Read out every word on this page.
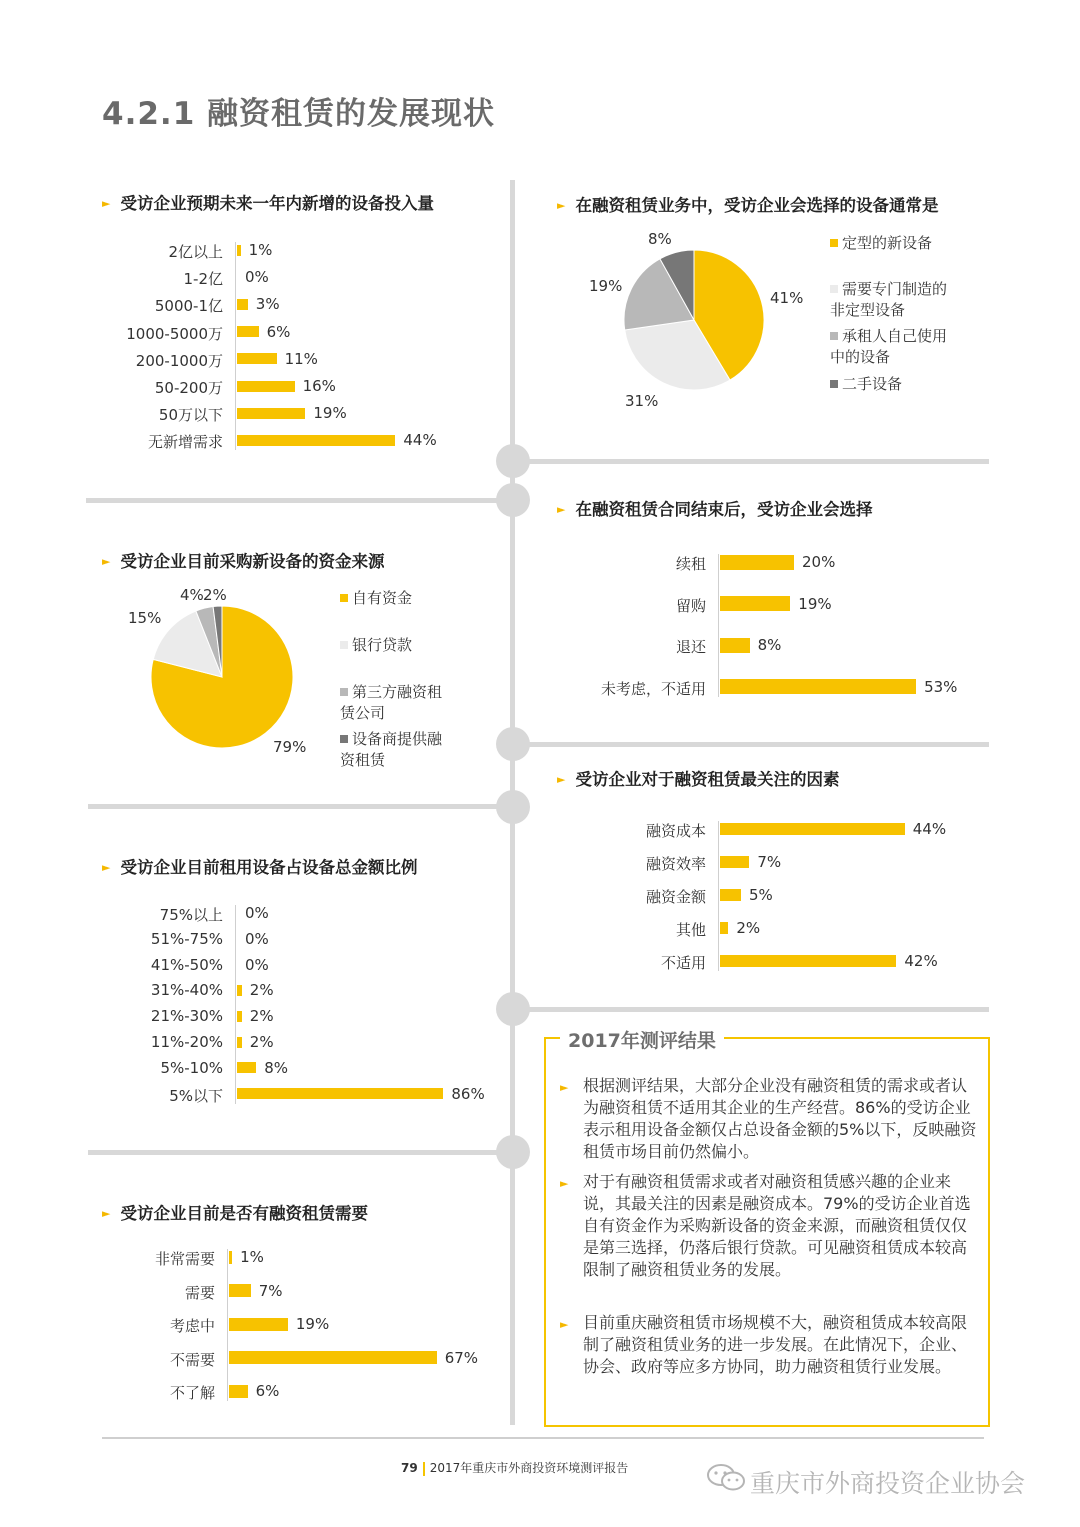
4.2.1 融资租赁的发展现状
► 受访企业预期未来一年内新增的设备投入量	► 在融资租赁业务中，受访企业会选择的设备通常是
► 受访企业目前采购新设备的资金来源
► 在融资租赁合同结束后，受访企业会选择
► 受访企业对于融资租赁最关注的因素
► 受访企业目前租用设备占设备总金额比例
► 受访企业目前是否有融资租赁需要
2017年测评结果
► 根据测评结果，大部分企业没有融资租赁的需求或者认为融资租赁不适用其企业的生产经营。86%的受访企业表示租用设备金额仅占总设备金额的5%以下，反映融资租赁市场目前仍然偏小。
► 对于有融资租赁需求或者对融资租赁感兴趣的企业来说，其最关注的因素是融资成本。79%的受访企业首选自有资金作为采购新设备的资金来源，而融资租赁仅仅是第三选择，仍落后银行贷款。可见融资租赁成本较高限制了融资租赁业务的发展。
► 目前重庆融资租赁市场规模不大，融资租赁成本较高限制了融资租赁业务的进一步发展。在此情况下，企业、协会、政府等应多方协同，助力融资租赁行业发展。
79 2017年重庆市外商投资环境测评报告
重庆市外商投资企业协会
2亿以上 1%
1-2亿 0%
5000-1亿 3%
1000-5000万	6%
200-1000万	11%
50-200万	16%
50万以下	19%
无新增需求	44%
续租	20%
留购	19%
退还	8%
未考虑，不适用	53%
融资成本	44%
融资效率	7%
融资金额	5%
其他 2%
不适用	42%
75%以上 0%
51%-75% 0%
41%-50% 0%
31%-40% 2%
21%-30% 2%
11%-20% 2%
5%-10%	8%
5%以下	86%
非常需要 1%
需要	7%
考虑中	19%
不需要	67%
不了解	6%
41%
31%
19%
8%	定型的新设备
需要专门制造的
非定型设备
承租人自己使用
中的设备
二手设备
79%
15%
4% 2%	自有资金
银行贷款
第三方融资租
赁公司
设备商提供融
资租赁
